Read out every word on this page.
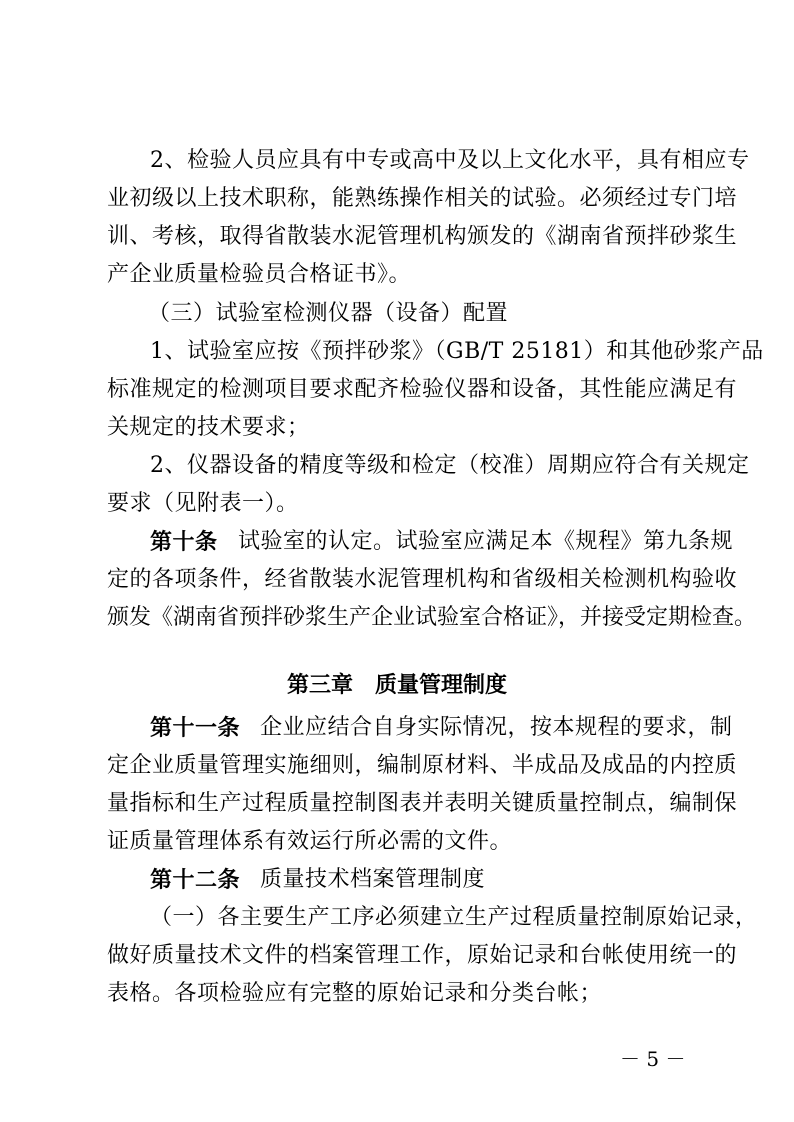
2、检验人员应具有中专或高中及以上文化水平，具有相应专
业初级以上技术职称，能熟练操作相关的试验。必须经过专门培
训、考核，取得省散装水泥管理机构颁发的《湖南省预拌砂浆生
产企业质量检验员合格证书》。
（三）试验室检测仪器（设备）配置
1、试验室应按《预拌砂浆》（GB/T 25181）和其他砂浆产品
标准规定的检测项目要求配齐检验仪器和设备，其性能应满足有
关规定的技术要求；
2、仪器设备的精度等级和检定（校准）周期应符合有关规定
要求（见附表一）。
第十条 试验室的认定。试验室应满足本《规程》第九条规
定的各项条件，经省散装水泥管理机构和省级相关检测机构验收
颁发《湖南省预拌砂浆生产企业试验室合格证》，并接受定期检查。
第三章　质量管理制度
第十一条 企业应结合自身实际情况，按本规程的要求，制
定企业质量管理实施细则，编制原材料、半成品及成品的内控质
量指标和生产过程质量控制图表并表明关键质量控制点，编制保
证质量管理体系有效运行所必需的文件。
第十二条 质量技术档案管理制度
（一）各主要生产工序必须建立生产过程质量控制原始记录，
做好质量技术文件的档案管理工作，原始记录和台帐使用统一的
表格。各项检验应有完整的原始记录和分类台帐；
－ 5 －
